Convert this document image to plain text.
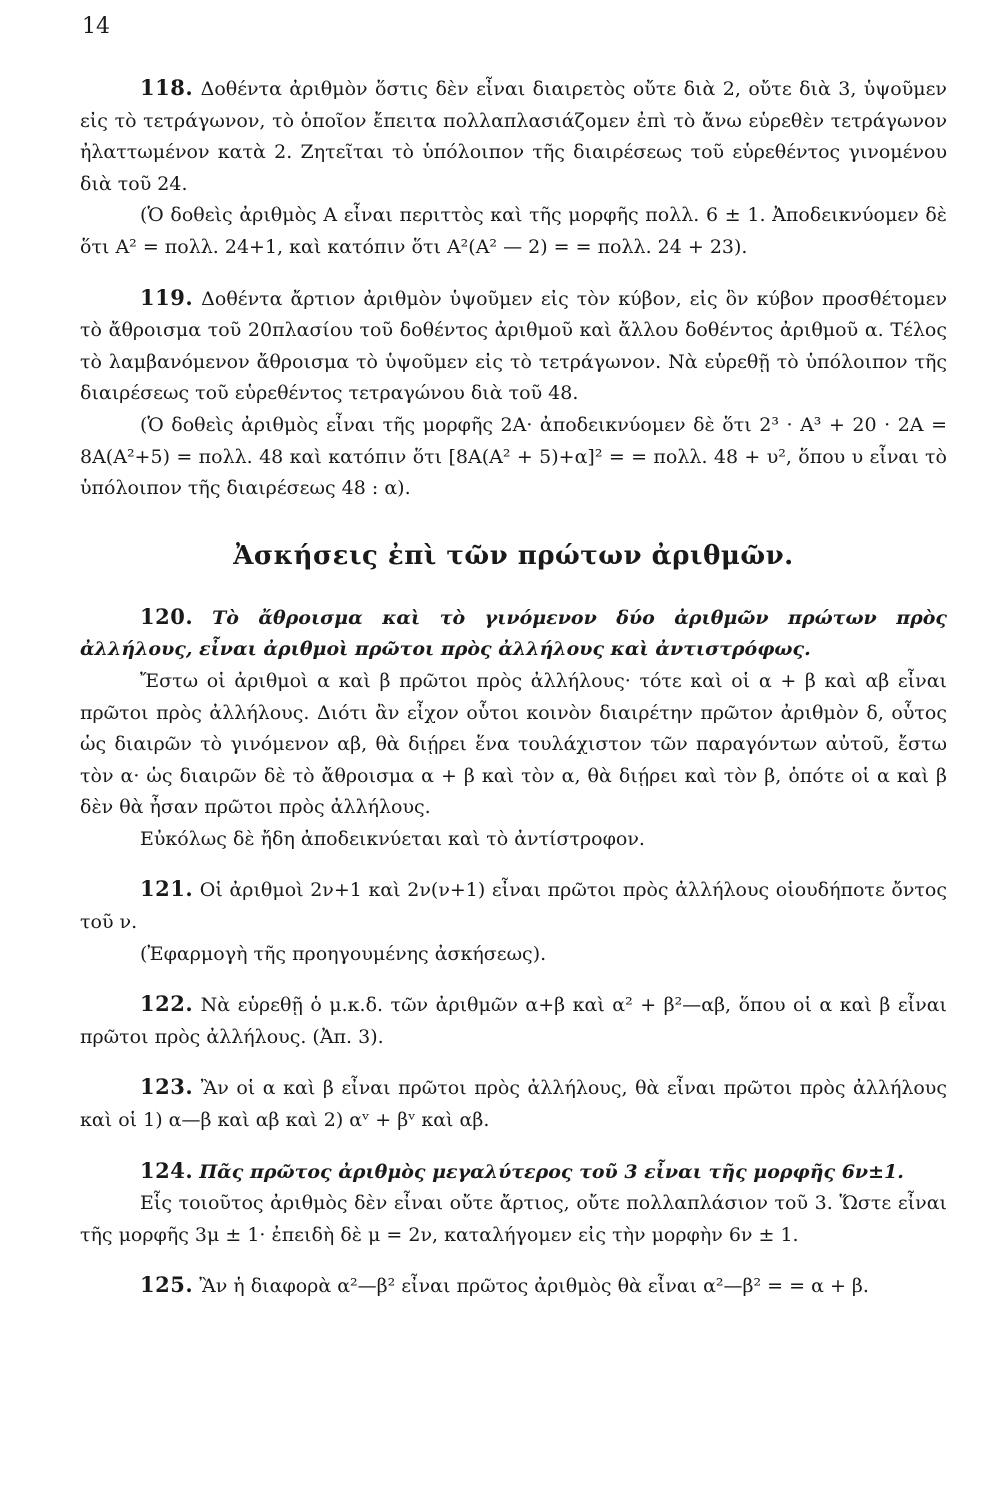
14

118. Δοθέντα ἀριθμὸν ὅστις δὲν εἶναι διαιρετὸς οὔτε διὰ 2, οὔτε διὰ 3, ὑψοῦμεν εἰς τὸ τετράγωνον, τὸ ὁποῖον ἔπειτα πολλαπλασιάζομεν ἐπὶ τὸ ἄνω εὑρεθὲν τετράγωνον ἠλαττωμένον κατὰ 2. Ζητεῖται τὸ ὑπόλοιπον τῆς διαιρέσεως τοῦ εὑρεθέντος γινομένου διὰ τοῦ 24.

(Ὁ δοθεὶς ἀριθμὸς Α εἶναι περιττὸς καὶ τῆς μορφῆς πολλ. 6 ± 1. Ἀποδεικνύομεν δὲ ὅτι Α² = πολλ. 24+1, καὶ κατόπιν ὅτι Α²(Α² — 2) = = πολλ. 24 + 23).

119. Δοθέντα ἄρτιον ἀριθμὸν ὑψοῦμεν εἰς τὸν κύβον, εἰς ὃν κύβον προσθέτομεν τὸ ἄθροισμα τοῦ 20πλασίου τοῦ δοθέντος ἀριθμοῦ καὶ ἄλλου δοθέντος ἀριθμοῦ α. Τέλος τὸ λαμβανόμενον ἄθροισμα τὸ ὑψοῦμεν εἰς τὸ τετράγωνον. Νὰ εὑρεθῇ τὸ ὑπόλοιπον τῆς διαιρέσεως τοῦ εὑρεθέντος τετραγώνου διὰ τοῦ 48.

(Ὁ δοθεὶς ἀριθμὸς εἶναι τῆς μορφῆς 2Α· ἀποδεικνύομεν δὲ ὅτι 2³ · Α³ + 20 · 2Α = 8Α(Α²+5) = πολλ. 48 καὶ κατόπιν ὅτι [8Α(Α² + 5)+α]² = = πολλ. 48 + υ², ὅπου υ εἶναι τὸ ὑπόλοιπον τῆς διαιρέσεως 48 : α).

Ἀσκήσεις ἐπὶ τῶν πρώτων ἀριθμῶν.

120. Τὸ ἄθροισμα καὶ τὸ γινόμενον δύο ἀριθμῶν πρώτων πρὸς ἀλλήλους, εἶναι ἀριθμοὶ πρῶτοι πρὸς ἀλλήλους καὶ ἀντιστρόφως.

Ἔστω οἱ ἀριθμοὶ α καὶ β πρῶτοι πρὸς ἀλλήλους· τότε καὶ οἱ α + β καὶ αβ εἶναι πρῶτοι πρὸς ἀλλήλους. Διότι ἂν εἶχον οὗτοι κοινὸν διαιρέτην πρῶτον ἀριθμὸν δ, οὗτος ὡς διαιρῶν τὸ γινόμενον αβ, θὰ διῄρει ἕνα τουλάχιστον τῶν παραγόντων αὐτοῦ, ἔστω τὸν α· ὡς διαιρῶν δὲ τὸ ἄθροισμα α + β καὶ τὸν α, θὰ διῄρει καὶ τὸν β, ὁπότε οἱ α καὶ β δὲν θὰ ἦσαν πρῶτοι πρὸς ἀλλήλους.

Εὐκόλως δὲ ἤδη ἀποδεικνύεται καὶ τὸ ἀντίστροφον.

121. Οἱ ἀριθμοὶ 2ν+1 καὶ 2ν(ν+1) εἶναι πρῶτοι πρὸς ἀλλήλους οἱουδήποτε ὄντος τοῦ ν.

(Ἐφαρμογὴ τῆς προηγουμένης ἀσκήσεως).

122. Νὰ εὑρεθῇ ὁ μ.κ.δ. τῶν ἀριθμῶν α+β καὶ α² + β²—αβ, ὅπου οἱ α καὶ β εἶναι πρῶτοι πρὸς ἀλλήλους. (Ἀπ. 3).

123. Ἂν οἱ α καὶ β εἶναι πρῶτοι πρὸς ἀλλήλους, θὰ εἶναι πρῶτοι πρὸς ἀλλήλους καὶ οἱ 1) α—β καὶ αβ καὶ 2) αᵛ + βᵛ καὶ αβ.

124. Πᾶς πρῶτος ἀριθμὸς μεγαλύτερος τοῦ 3 εἶναι τῆς μορφῆς 6ν±1.

Εἷς τοιοῦτος ἀριθμὸς δὲν εἶναι οὔτε ἄρτιος, οὔτε πολλαπλάσιον τοῦ 3. Ὥστε εἶναι τῆς μορφῆς 3μ ± 1· ἐπειδὴ δὲ μ = 2ν, καταλήγομεν εἰς τὴν μορφὴν 6ν ± 1.

125. Ἂν ἡ διαφορὰ α²—β² εἶναι πρῶτος ἀριθμὸς θὰ εἶναι α²—β² = = α + β.
